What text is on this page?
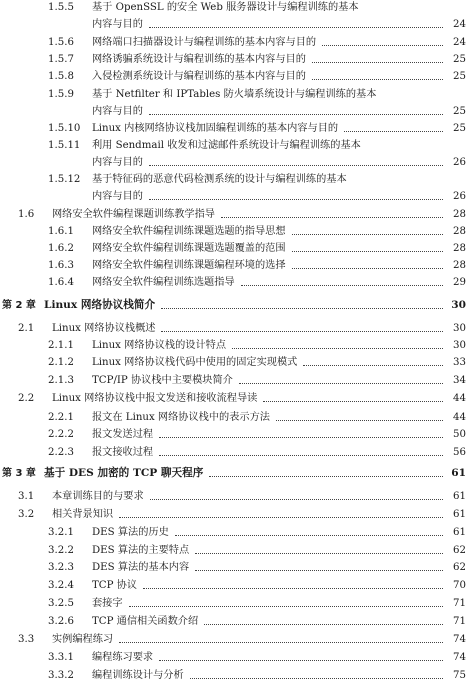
1.5.5 基于 OpenSSL 的安全 Web 服务器设计与编程训练的基本
内容与目的	24
1.5.6 网络端口扫描器设计与编程训练的基本内容与目的	24
1.5.7 网络诱骗系统设计与编程训练的基本内容与目的	25
1.5.8 入侵检测系统设计与编程训练的基本内容与目的	25
1.5.9 基于 Netfilter 和 IPTables 防火墙系统设计与编程训练的基本
内容与目的	25
1.5.10 Linux 内核网络协议栈加固编程训练的基本内容与目的	25
1.5.11 利用 Sendmail 收发和过滤邮件系统设计与编程训练的基本
内容与目的	26
1.5.12 基于特征码的恶意代码检测系统的设计与编程训练的基本
内容与目的	26
1.6 网络安全软件编程课题训练教学指导	28
1.6.1 网络安全软件编程训练课题选题的指导思想	28
1.6.2 网络安全软件编程训练课题选题覆盖的范围	28
1.6.3 网络安全软件编程训练课题编程环境的选择	28
1.6.4 网络安全软件编程训练选题指导	29
第 2 章 Linux 网络协议栈简介	30
2.1 Linux 网络协议栈概述	30
2.1.1 Linux 网络协议栈的设计特点	30
2.1.2 Linux 网络协议栈代码中使用的固定实现模式	33
2.1.3 TCP/IP 协议栈中主要模块简介	34
2.2 Linux 网络协议栈中报文发送和接收流程导读	44
2.2.1 报文在 Linux 网络协议栈中的表示方法	44
2.2.2 报文发送过程	50
2.2.3 报文接收过程	56
第 3 章 基于 DES 加密的 TCP 聊天程序	61
3.1 本章训练目的与要求	61
3.2 相关背景知识	61
3.2.1 DES 算法的历史	61
3.2.2 DES 算法的主要特点	62
3.2.3 DES 算法的基本内容	62
3.2.4 TCP 协议	70
3.2.5 套接字	71
3.2.6 TCP 通信相关函数介绍	71
3.3 实例编程练习	74
3.3.1 编程练习要求	74
3.3.2 编程训练设计与分析	75
